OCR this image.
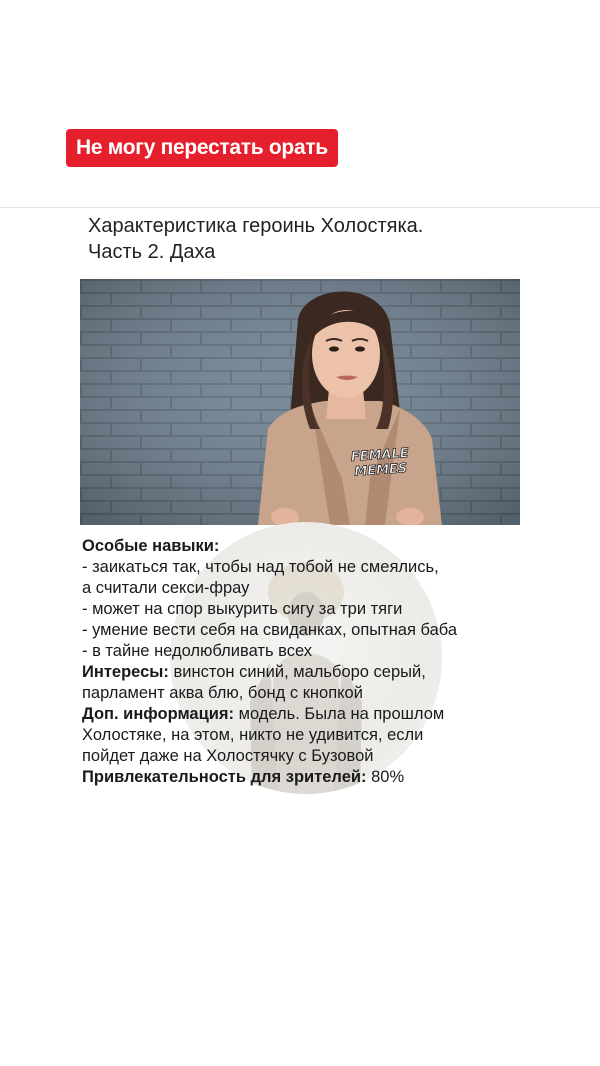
Не могу перестать орать
Характеристика героинь Холостяка.
Часть 2. Даха
FEMALE
MEMES
Особые навыки:
- заикаться так, чтобы над тобой не смеялись,
а считали секси-фрау
- может на спор выкурить сигу за три тяги
- умение вести себя на свиданках, опытная баба
- в тайне недолюбливать всех
Интересы: винстон синий, мальборо серый,
парламент аква блю, бонд с кнопкой
Доп. информация: модель. Была на прошлом
Холостяке, на этом, никто не удивится, если
пойдет даже на Холостячку с Бузовой
Привлекательность для зрителей: 80%
